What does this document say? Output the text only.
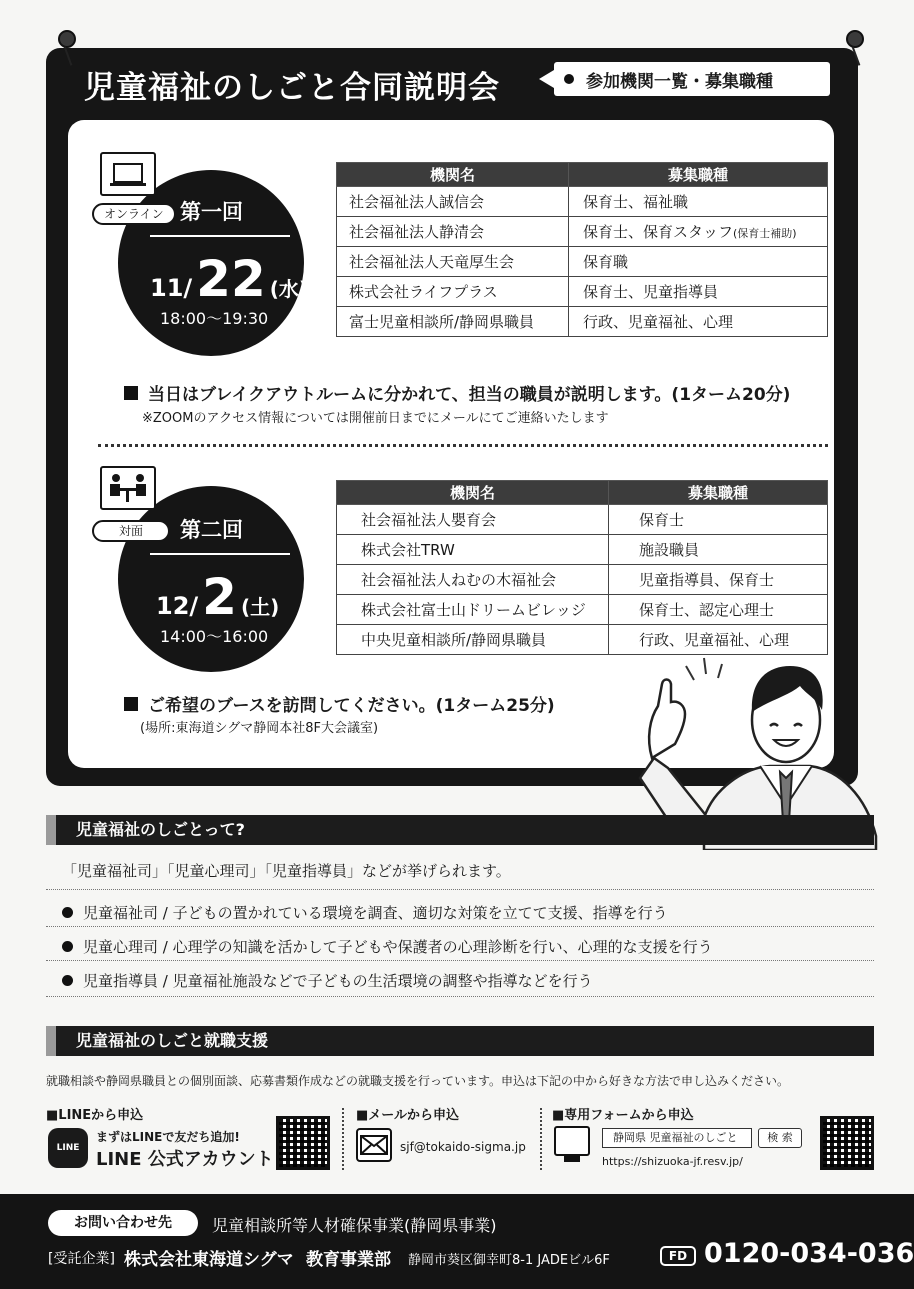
児童福祉のしごと合同説明会	参加機関一覧・募集職種
オンライン 第一回
11/ 22 (水)
18:00〜19:30
機関名	募集職種
社会福祉法人誠信会	保育士、福祉職
社会福祉法人静清会	保育士、保育スタッフ(保育士補助)
社会福祉法人天竜厚生会	保育職
株式会社ライフプラス	保育士、児童指導員
富士児童相談所/静岡県職員	行政、児童福祉、心理
当日はブレイクアウトルームに分かれて、担当の職員が説明します。(1ターム20分)
※ZOOMのアクセス情報については開催前日までにメールにてご連絡いたします
対面	第二回
12/ 2 (土)
14:00〜16:00
機関名	募集職種
社会福祉法人嬰育会	保育士
株式会社TRW	施設職員
社会福祉法人ねむの木福祉会	児童指導員、保育士
株式会社富士山ドリームビレッジ	保育士、認定心理士
中央児童相談所/静岡県職員	行政、児童福祉、心理
ご希望のブースを訪問してください。(1ターム25分)
(場所:東海道シグマ静岡本社8F大会議室)
児童福祉のしごとって?
「児童福祉司」「児童心理司」「児童指導員」などが挙げられます。
児童福祉司 / 子どもの置かれている環境を調査、適切な対策を立てて支援、指導を行う
児童心理司 / 心理学の知識を活かして子どもや保護者の心理診断を行い、心理的な支援を行う
児童指導員 / 児童福祉施設などで子どもの生活環境の調整や指導などを行う
児童福祉のしごと就職支援
就職相談や静岡県職員との個別面談、応募書類作成などの就職支援を行っています。申込は下記の中から好きな方法で申し込みください。
■LINEから申込
LINE
まずはLINEで友だち追加!
LINE 公式アカウント
■メールから申込
sjf@tokaido-sigma.jp
■専用フォームから申込
静岡県 児童福祉のしごと	検 索
https://shizuoka-jf.resv.jp/
お問い合わせ先	児童相談所等人材確保事業(静岡県事業)
[受託企業] 株式会社東海道シグマ 教育事業部 静岡市葵区御幸町8-1 JADEビル6F	FD 0120-034-036
